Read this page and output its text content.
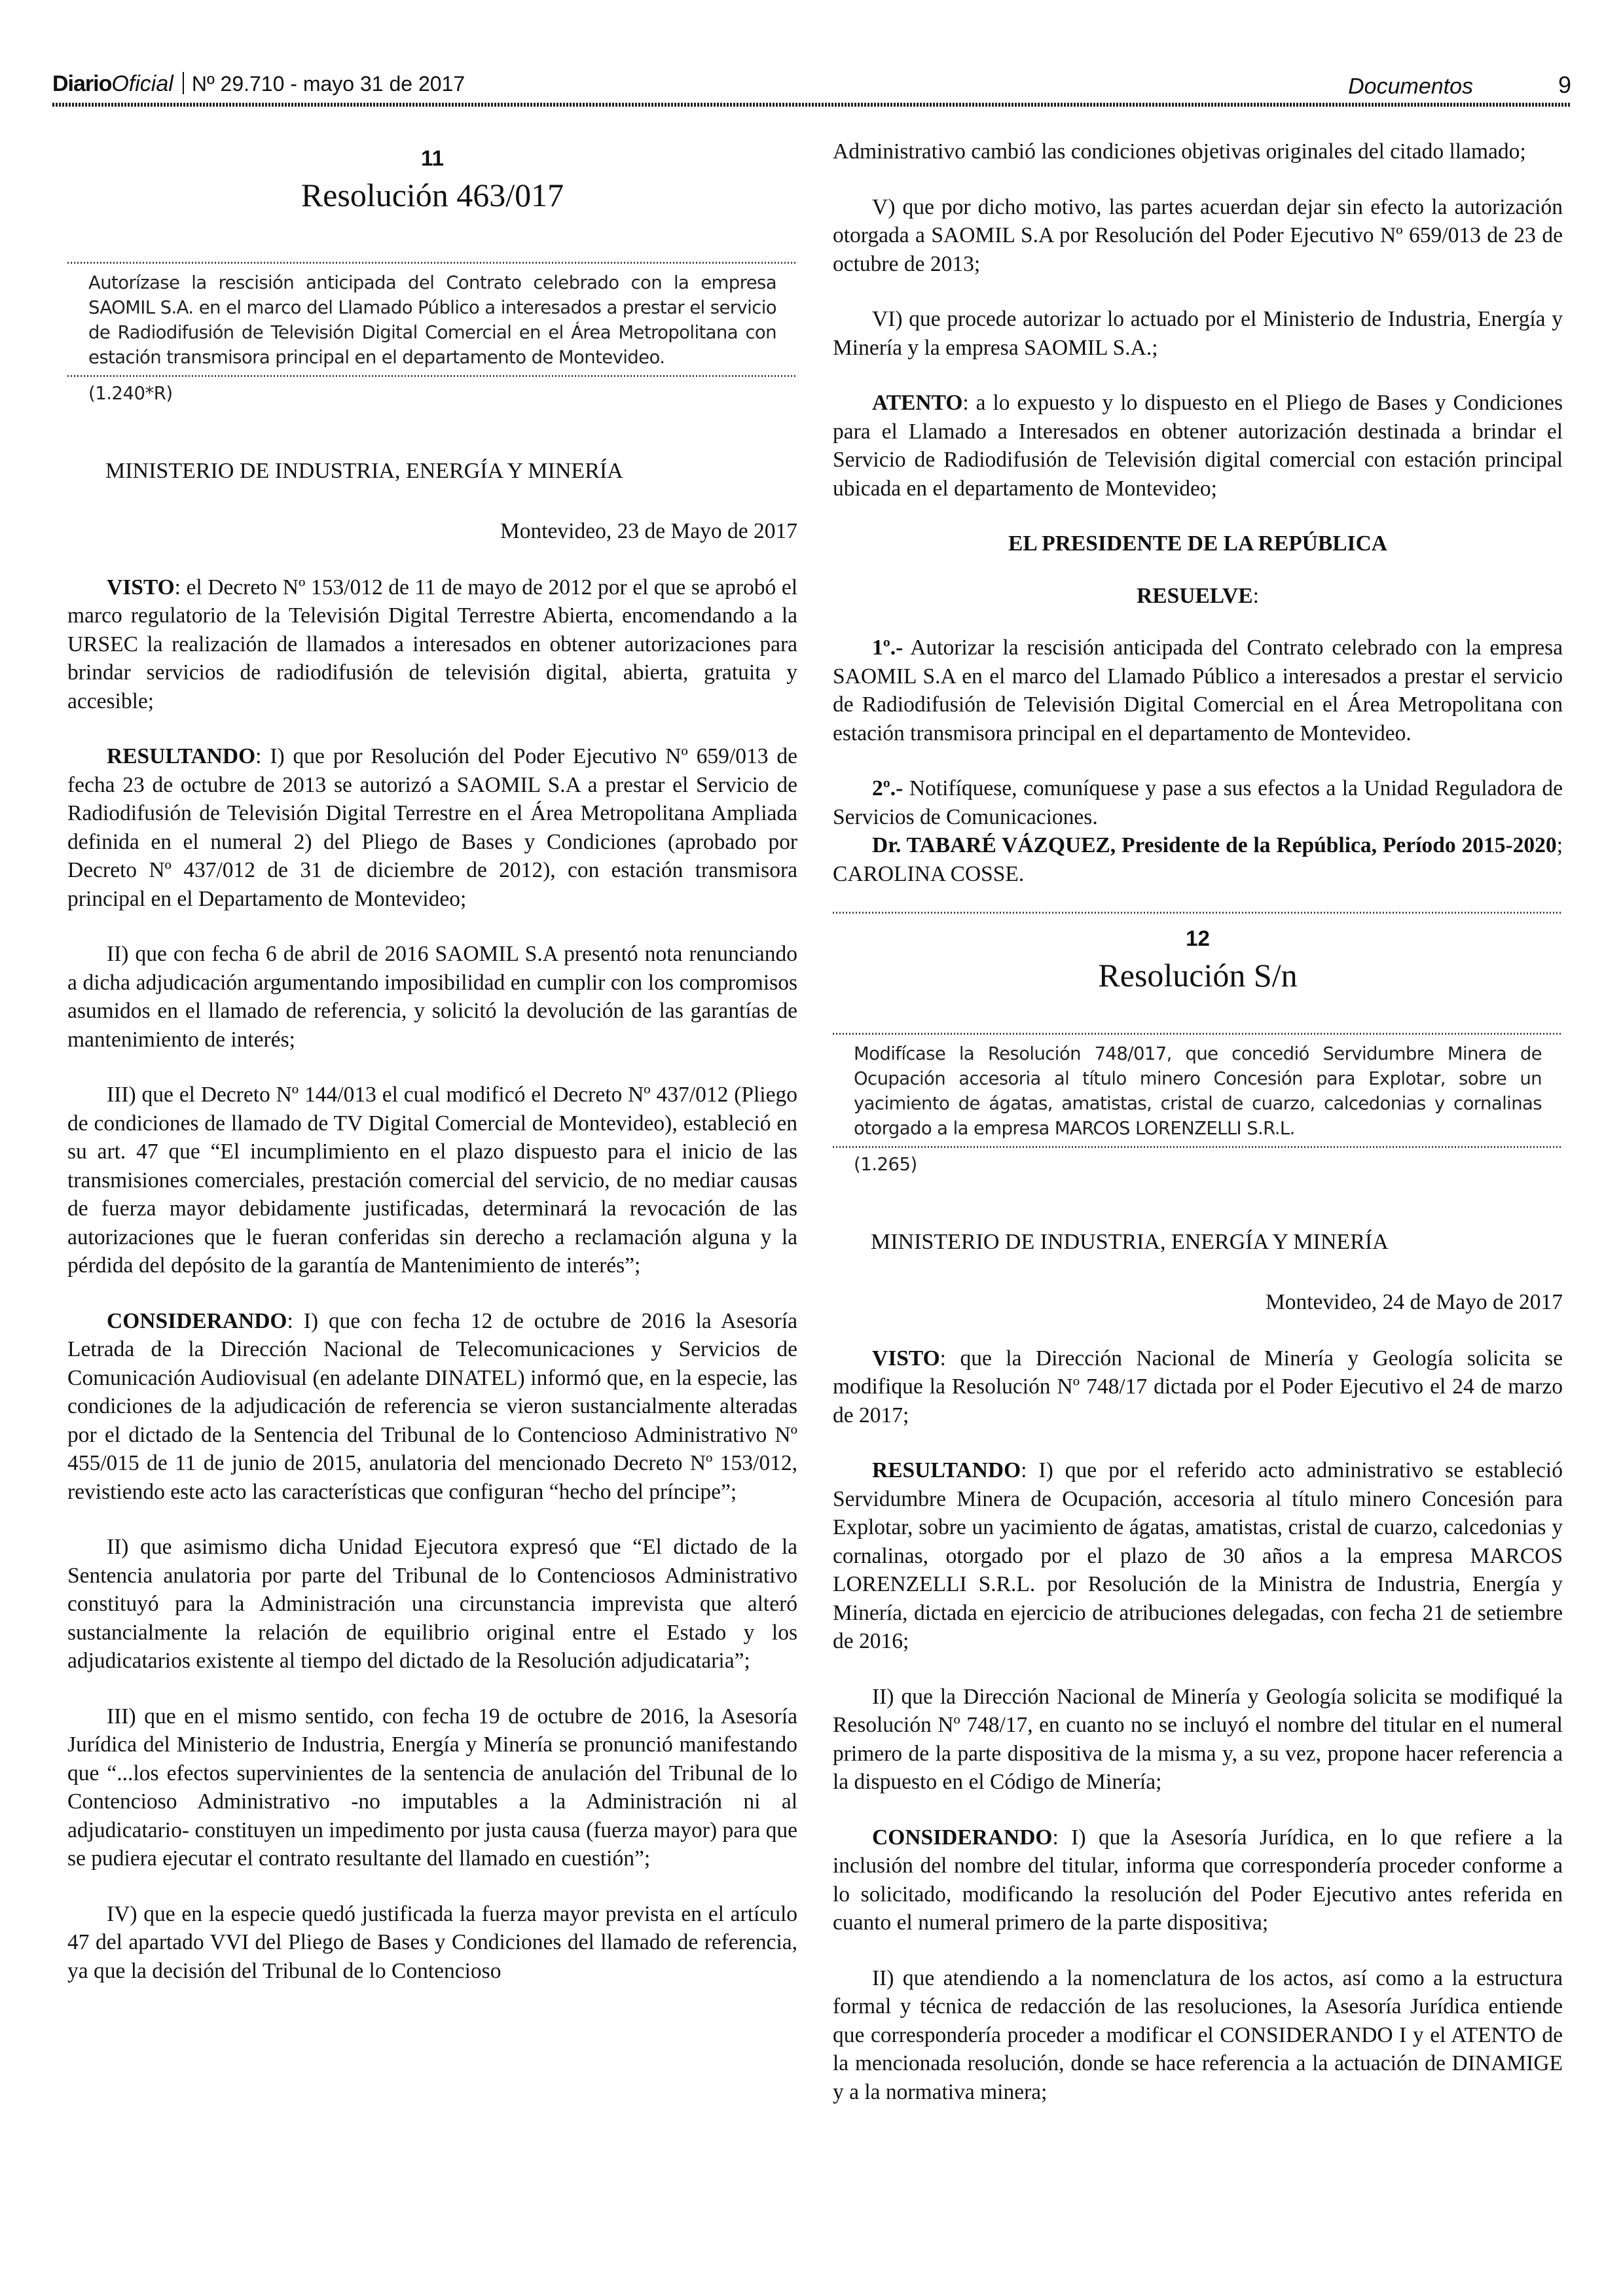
DiarioOficial Nº 29.710 - mayo 31 de 2017	Documentos	9
11
Resolución 463/017
Autorízase la rescisión anticipada del Contrato celebrado con la empresa SAOMIL S.A. en el marco del Llamado Público a interesados a prestar el servicio de Radiodifusión de Televisión Digital Comercial en el Área Metropolitana con estación transmisora principal en el departamento de Montevideo.
(1.240*R)
MINISTERIO DE INDUSTRIA, ENERGÍA Y MINERÍA
Montevideo, 23 de Mayo de 2017

VISTO: el Decreto Nº 153/012 de 11 de mayo de 2012 por el que se aprobó el marco regulatorio de la Televisión Digital Terrestre Abierta, encomendando a la URSEC la realización de llamados a interesados en obtener autorizaciones para brindar servicios de radiodifusión de televisión digital, abierta, gratuita y accesible;

RESULTANDO: I) que por Resolución del Poder Ejecutivo Nº 659/013 de fecha 23 de octubre de 2013 se autorizó a SAOMIL S.A a prestar el Servicio de Radiodifusión de Televisión Digital Terrestre en el Área Metropolitana Ampliada definida en el numeral 2) del Pliego de Bases y Condiciones (aprobado por Decreto Nº 437/012 de 31 de diciembre de 2012), con estación transmisora principal en el Departamento de Montevideo;

II) que con fecha 6 de abril de 2016 SAOMIL S.A presentó nota renunciando a dicha adjudicación argumentando imposibilidad en cumplir con los compromisos asumidos en el llamado de referencia, y solicitó la devolución de las garantías de mantenimiento de interés;

III) que el Decreto Nº 144/013 el cual modificó el Decreto Nº 437/012 (Pliego de condiciones de llamado de TV Digital Comercial de Montevideo), estableció en su art. 47 que “El incumplimiento en el plazo dispuesto para el inicio de las transmisiones comerciales, prestación comercial del servicio, de no mediar causas de fuerza mayor debidamente justificadas, determinará la revocación de las autorizaciones que le fueran conferidas sin derecho a reclamación alguna y la pérdida del depósito de la garantía de Mantenimiento de interés”;

CONSIDERANDO: I) que con fecha 12 de octubre de 2016 la Asesoría Letrada de la Dirección Nacional de Telecomunicaciones y Servicios de Comunicación Audiovisual (en adelante DINATEL) informó que, en la especie, las condiciones de la adjudicación de referencia se vieron sustancialmente alteradas por el dictado de la Sentencia del Tribunal de lo Contencioso Administrativo Nº 455/015 de 11 de junio de 2015, anulatoria del mencionado Decreto Nº 153/012, revistiendo este acto las características que configuran “hecho del príncipe”;

II) que asimismo dicha Unidad Ejecutora expresó que “El dictado de la Sentencia anulatoria por parte del Tribunal de lo Contenciosos Administrativo constituyó para la Administración una circunstancia imprevista que alteró sustancialmente la relación de equilibrio original entre el Estado y los adjudicatarios existente al tiempo del dictado de la Resolución adjudicataria”;

III) que en el mismo sentido, con fecha 19 de octubre de 2016, la Asesoría Jurídica del Ministerio de Industria, Energía y Minería se pronunció manifestando que “...los efectos supervinientes de la sentencia de anulación del Tribunal de lo Contencioso Administrativo -no imputables a la Administración ni al adjudicatario- constituyen un impedimento por justa causa (fuerza mayor) para que se pudiera ejecutar el contrato resultante del llamado en cuestión”;

IV) que en la especie quedó justificada la fuerza mayor prevista en el artículo 47 del apartado VVI del Pliego de Bases y Condiciones del llamado de referencia, ya que la decisión del Tribunal de lo Contencioso

Administrativo cambió las condiciones objetivas originales del citado llamado;

V) que por dicho motivo, las partes acuerdan dejar sin efecto la autorización otorgada a SAOMIL S.A por Resolución del Poder Ejecutivo Nº 659/013 de 23 de octubre de 2013;

VI) que procede autorizar lo actuado por el Ministerio de Industria, Energía y Minería y la empresa SAOMIL S.A.;

ATENTO: a lo expuesto y lo dispuesto en el Pliego de Bases y Condiciones para el Llamado a Interesados en obtener autorización destinada a brindar el Servicio de Radiodifusión de Televisión digital comercial con estación principal ubicada en el departamento de Montevideo;

EL PRESIDENTE DE LA REPÚBLICA
RESUELVE:

1º.- Autorizar la rescisión anticipada del Contrato celebrado con la empresa SAOMIL S.A en el marco del Llamado Público a interesados a prestar el servicio de Radiodifusión de Televisión Digital Comercial en el Área Metropolitana con estación transmisora principal en el departamento de Montevideo.

2º.- Notifíquese, comuníquese y pase a sus efectos a la Unidad Reguladora de Servicios de Comunicaciones.

Dr. TABARÉ VÁZQUEZ, Presidente de la República, Período 2015-2020; CAROLINA COSSE.

12
Resolución S/n
Modifícase la Resolución 748/017, que concedió Servidumbre Minera de Ocupación accesoria al título minero Concesión para Explotar, sobre un yacimiento de ágatas, amatistas, cristal de cuarzo, calcedonias y cornalinas otorgado a la empresa MARCOS LORENZELLI S.R.L.
(1.265)
MINISTERIO DE INDUSTRIA, ENERGÍA Y MINERÍA
Montevideo, 24 de Mayo de 2017

VISTO: que la Dirección Nacional de Minería y Geología solicita se modifique la Resolución Nº 748/17 dictada por el Poder Ejecutivo el 24 de marzo de 2017;

RESULTANDO: I) que por el referido acto administrativo se estableció Servidumbre Minera de Ocupación, accesoria al título minero Concesión para Explotar, sobre un yacimiento de ágatas, amatistas, cristal de cuarzo, calcedonias y cornalinas, otorgado por el plazo de 30 años a la empresa MARCOS LORENZELLI S.R.L. por Resolución de la Ministra de Industria, Energía y Minería, dictada en ejercicio de atribuciones delegadas, con fecha 21 de setiembre de 2016;

II) que la Dirección Nacional de Minería y Geología solicita se modifiqué la Resolución Nº 748/17, en cuanto no se incluyó el nombre del titular en el numeral primero de la parte dispositiva de la misma y, a su vez, propone hacer referencia a la dispuesto en el Código de Minería;

CONSIDERANDO: I) que la Asesoría Jurídica, en lo que refiere a la inclusión del nombre del titular, informa que correspondería proceder conforme a lo solicitado, modificando la resolución del Poder Ejecutivo antes referida en cuanto el numeral primero de la parte dispositiva;

II) que atendiendo a la nomenclatura de los actos, así como a la estructura formal y técnica de redacción de las resoluciones, la Asesoría Jurídica entiende que correspondería proceder a modificar el CONSIDERANDO I y el ATENTO de la mencionada resolución, donde se hace referencia a la actuación de DINAMIGE y a la normativa minera;
